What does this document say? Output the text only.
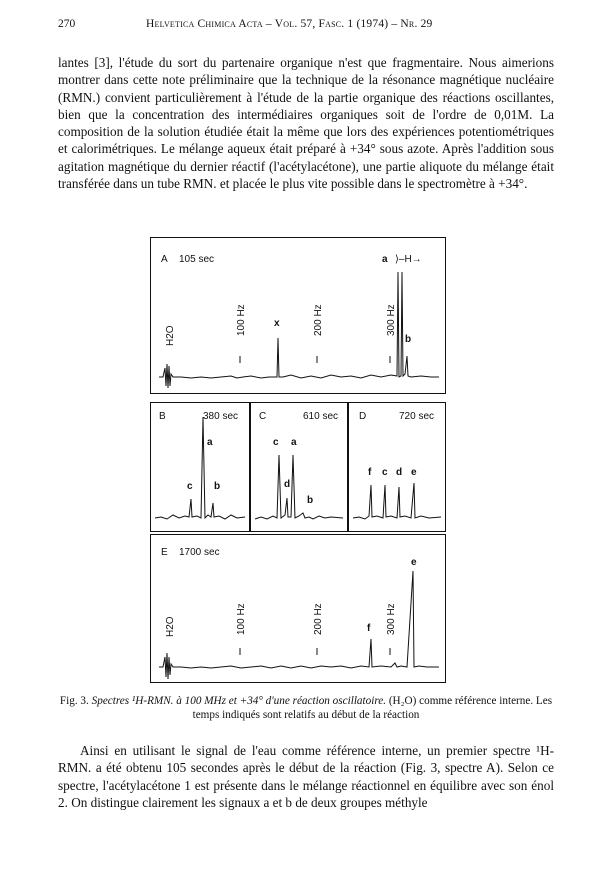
270	Helvetica Chimica Acta – Vol. 57, Fasc. 1 (1974) – Nr. 29

lantes [3], l'étude du sort du partenaire organique n'est que fragmentaire. Nous aimerions montrer dans cette note préliminaire que la technique de la résonance magnétique nucléaire (RMN.) convient particulièrement à l'étude de la partie organique des réactions oscillantes, bien que la concentration des intermédiaires organiques soit de l'ordre de 0,01M. La composition de la solution étudiée était la même que lors des expériences potentiométriques et calorimétriques. Le mélange aqueux était préparé à +34° sous azote. Après l'addition sous agitation magnétique du dernier réactif (l'acétylacétone), une partie aliquote du mélange était transférée dans un tube RMN. et placée le plus vite possible dans le spectromètre à +34°.

A 105 sec	a ⟩–H→
H2O	100 Hz	200 Hz	300 Hz
x
b
B	380 sec
a
b
c
C	610 sec
c a
d
b
D	720 sec
f c d e
E 1700 sec
e
H2O	100 Hz	200 Hz	300 Hz
f
Fig. 3. Spectres ¹H-RMN. à 100 MHz et +34° d'une réaction oscillatoire. (H₂O) comme référence interne. Les temps indiqués sont relatifs au début de la réaction

Ainsi en utilisant le signal de l'eau comme référence interne, un premier spectre ¹H-RMN. a été obtenu 105 secondes après le début de la réaction (Fig. 3, spectre A). Selon ce spectre, l'acétylacétone 1 est présente dans le mélange réactionnel en équilibre avec son énol 2. On distingue clairement les signaux a et b de deux groupes méthyle
